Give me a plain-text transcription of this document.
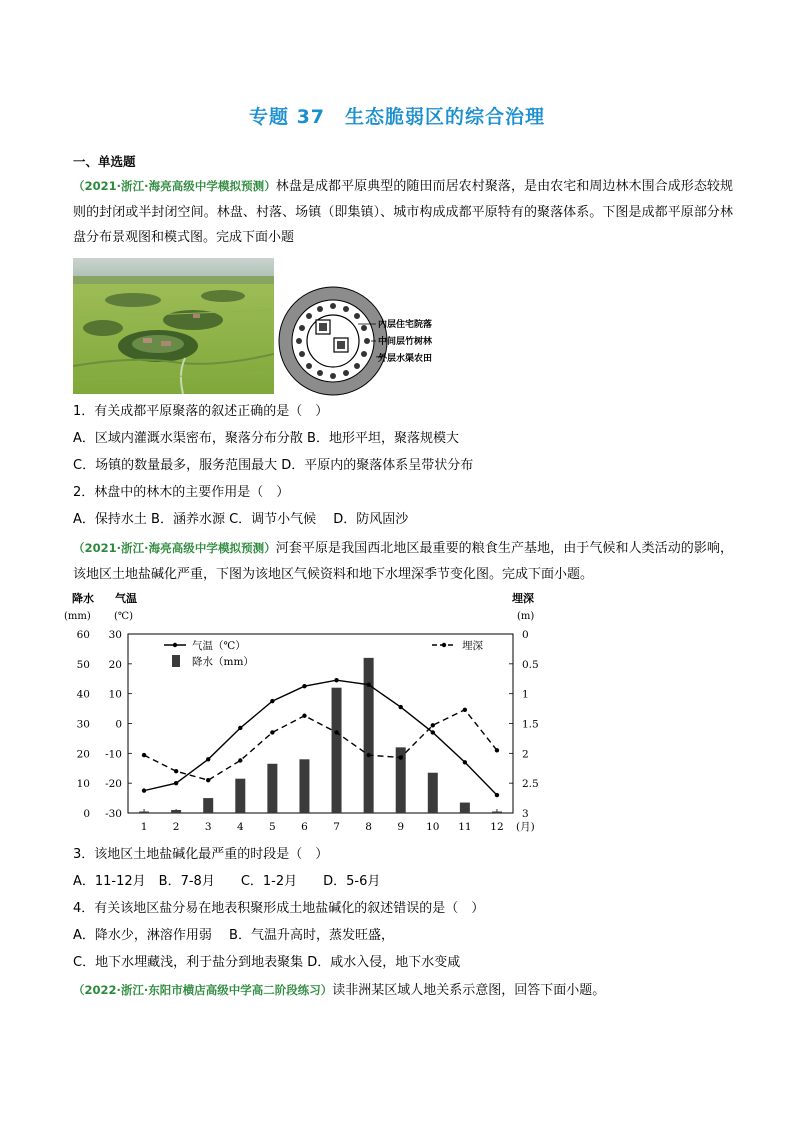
专题 37　生态脆弱区的综合治理
一、单选题
（2021·浙江·海亮高级中学模拟预测）林盘是成都平原典型的随田而居农村聚落，是由农宅和周边林木围合成形态较规则的封闭或半封闭空间。林盘、村落、场镇（即集镇）、城市构成成都平原特有的聚落体系。下图是成都平原部分林盘分布景观图和模式图。完成下面小题
内层住宅院落
中间层竹树林
外层水渠农田
1．有关成都平原聚落的叙述正确的是（　）
A．区域内灌溉水渠密布，聚落分布分散 B．地形平坦，聚落规模大
C．场镇的数量最多，服务范围最大 D．平原内的聚落体系呈带状分布
2．林盘中的林木的主要作用是（　）
A．保持水土 B．涵养水源 C．调节小气候　 D．防风固沙
（2021·浙江·海亮高级中学模拟预测）河套平原是我国西北地区最重要的粮食生产基地，由于气候和人类活动的影响，该地区土地盐碱化严重，下图为该地区气候资料和地下水埋深季节变化图。完成下面小题。
降水
(mm)
气温
(℃)
埋深
(m)
0
10
20
30
40
50
60
-30
-20
-10
0
10
20
30	0
0.5
1
1.5
2
2.5
3
1 2 3 4 5 6 7 8 9 10 11 12 (月)
气温（℃）
降水（mm）
埋深
3．该地区土地盐碱化最严重的时段是（　）
A．11-12月　B．7-8月　　C．1-2月　　D．5-6月
4．有关该地区盐分易在地表积聚形成土地盐碱化的叙述错误的是（　）
A．降水少，淋溶作用弱　 B．气温升高时，蒸发旺盛，
C．地下水埋藏浅，利于盐分到地表聚集 D．咸水入侵，地下水变咸
（2022·浙江·东阳市横店高级中学高二阶段练习）读非洲某区域人地关系示意图，回答下面小题。
